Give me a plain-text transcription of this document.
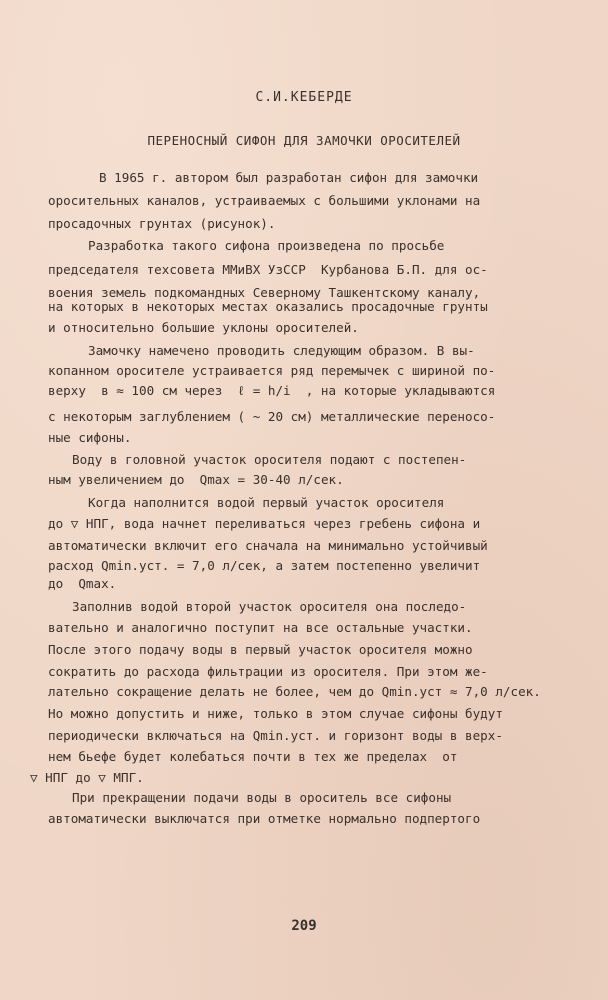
С.И.КЕБЕРДЕ
ПЕРЕНОСНЫЙ СИФОН ДЛЯ ЗАМОЧКИ ОРОСИТЕЛЕЙ
В 1965 г. автором был разработан сифон для замочки
оросительных каналов, устраиваемых с большими уклонами на
просадочных грунтах (рисунок).
Разработка такого сифона произведена по просьбе
председателя техсовета ММиВХ УзССР  Курбанова Б.П. для ос-
воения земель подкомандных Северному Ташкентскому каналу,
на которых в некоторых местах оказались просадочные грунты
и относительно большие уклоны оросителей.
Замочку намечено проводить следующим образом. В вы-
копанном оросителе устраивается ряд перемычек с шириной по-
верху  в ≈ 100 см через  ℓ = h/i  , на которые укладываются
с некоторым заглублением ( ~ 20 см) металлические переносo-
ные сифоны.
Воду в головной участок оросителя подают с постепен-
ным увеличением до  Qmax = 30-40 л/сек.
Когда наполнится водой первый участок оросителя
до ▽ НПГ, вода начнет переливаться через гребень сифона и
автоматически включит его сначала на минимально устойчивый
расход Qmin.уст. = 7,0 л/сек, а затем постепенно увеличит
до  Qmax.
Заполнив водой второй участок оросителя она последо-
вательно и аналогично поступит на все остальные участки.
После этого подачу воды в первый участок оросителя можно
сократить до расхода фильтрации из оросителя. При этом же-
лательно сокращение делать не более, чем до Qmin.уст ≈ 7,0 л/сек.
Но можно допустить и ниже, только в этом случае сифоны будут
периодически включаться на Qmin.уст. и горизонт воды в верх-
нем бьефе будет колебаться почти в тех же пределах  от
▽ НПГ до ▽ МПГ.
При прекращении подачи воды в ороситель все сифоны
автоматически выключатся при отметке нормально подпертого
209
